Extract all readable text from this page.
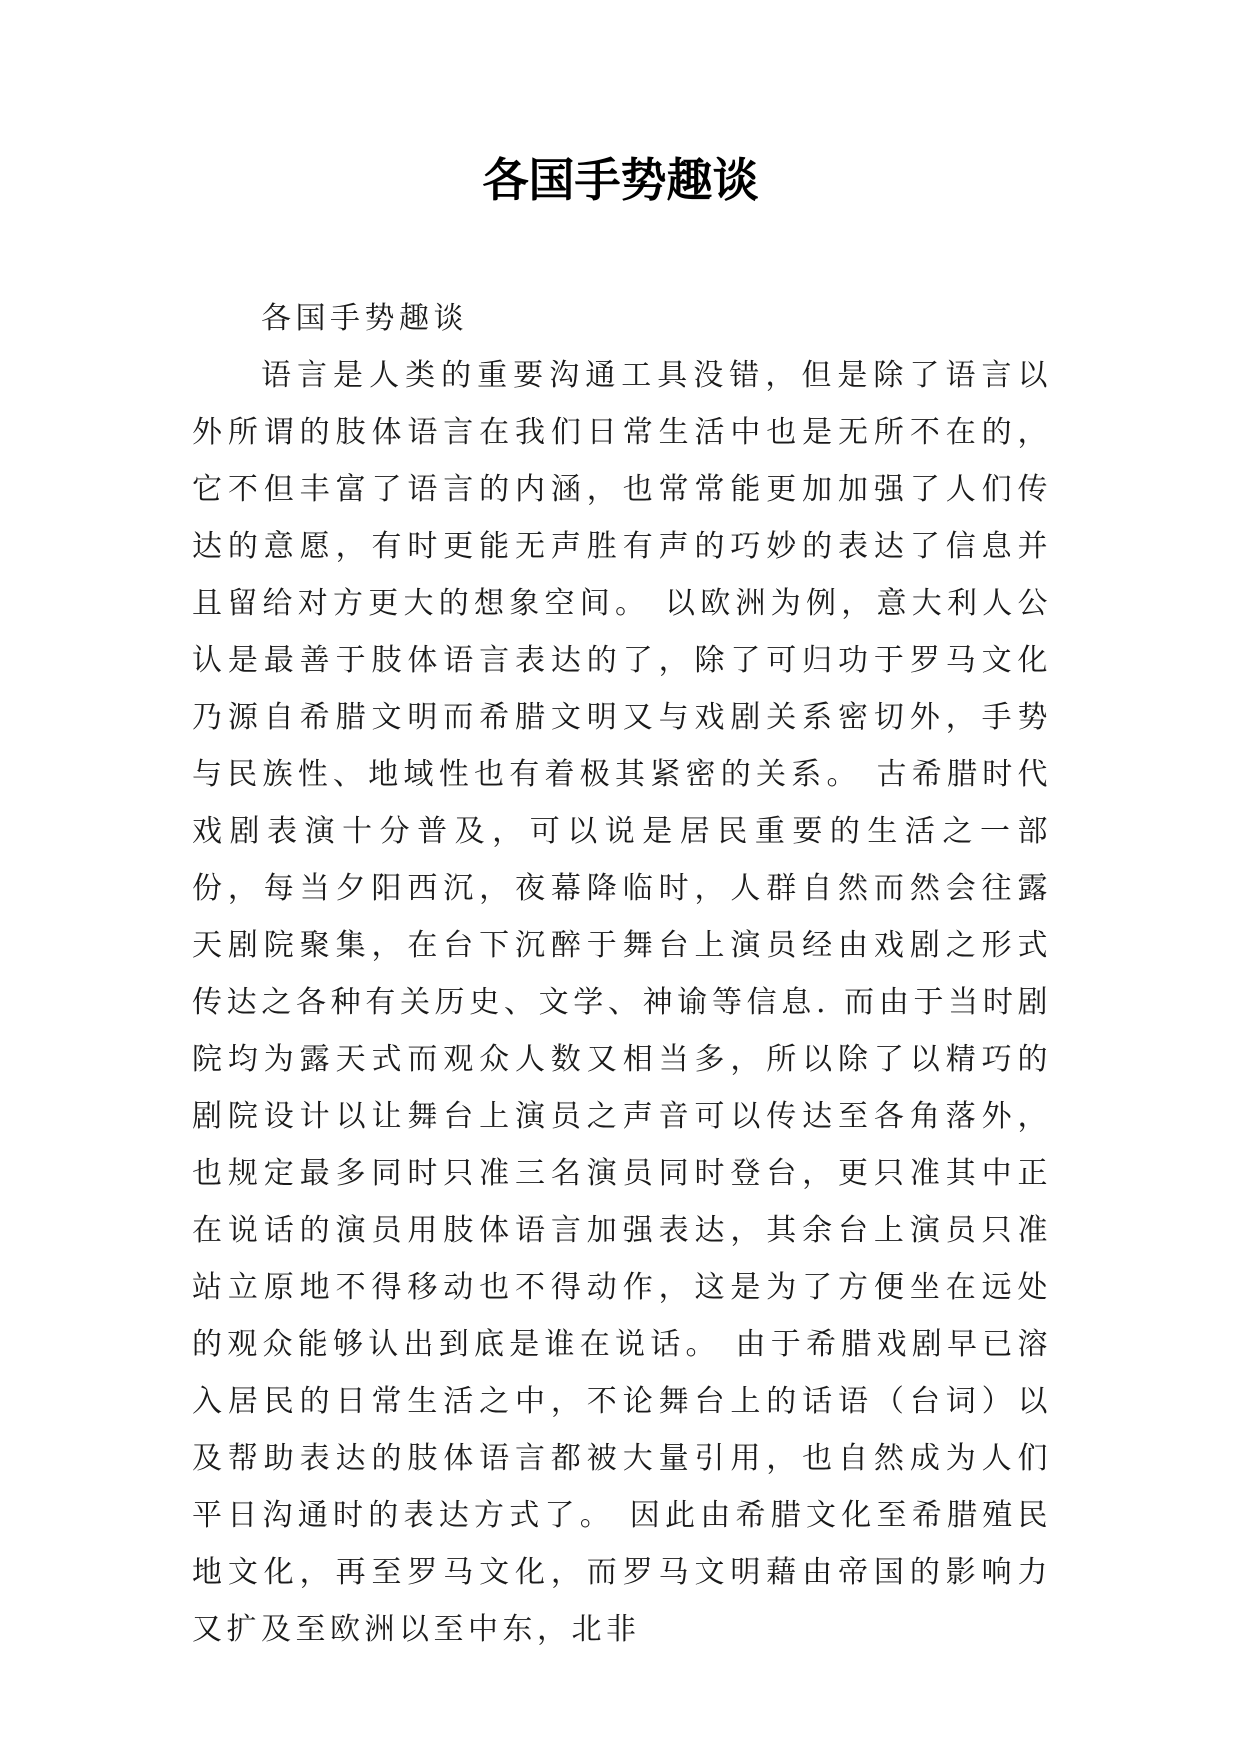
各国手势趣谈

各国手势趣谈

语言是人类的重要沟通工具没错，但是除了语言以外所谓的肢体语言在我们日常生活中也是无所不在的，它不但丰富了语言的内涵，也常常能更加加强了人们传达的意愿，有时更能无声胜有声的巧妙的表达了信息并且留给对方更大的想象空间。 以欧洲为例，意大利人公认是最善于肢体语言表达的了，除了可归功于罗马文化乃源自希腊文明而希腊文明又与戏剧关系密切外，手势与民族性、地域性也有着极其紧密的关系。 古希腊时代戏剧表演十分普及，可以说是居民重要的生活之一部份，每当夕阳西沉，夜幕降临时，人群自然而然会往露天剧院聚集，在台下沉醉于舞台上演员经由戏剧之形式传达之各种有关历史、文学、神谕等信息. 而由于当时剧院均为露天式而观众人数又相当多，所以除了以精巧的剧院设计以让舞台上演员之声音可以传达至各角落外，也规定最多同时只准三名演员同时登台，更只准其中正在说话的演员用肢体语言加强表达，其余台上演员只准站立原地不得移动也不得动作，这是为了方便坐在远处的观众能够认出到底是谁在说话。 由于希腊戏剧早已溶入居民的日常生活之中，不论舞台上的话语（台词）以及帮助表达的肢体语言都被大量引用，也自然成为人们平日沟通时的表达方式了。 因此由希腊文化至希腊殖民地文化，再至罗马文化，而罗马文明藉由帝国的影响力又扩及至欧洲以至中东，北非
